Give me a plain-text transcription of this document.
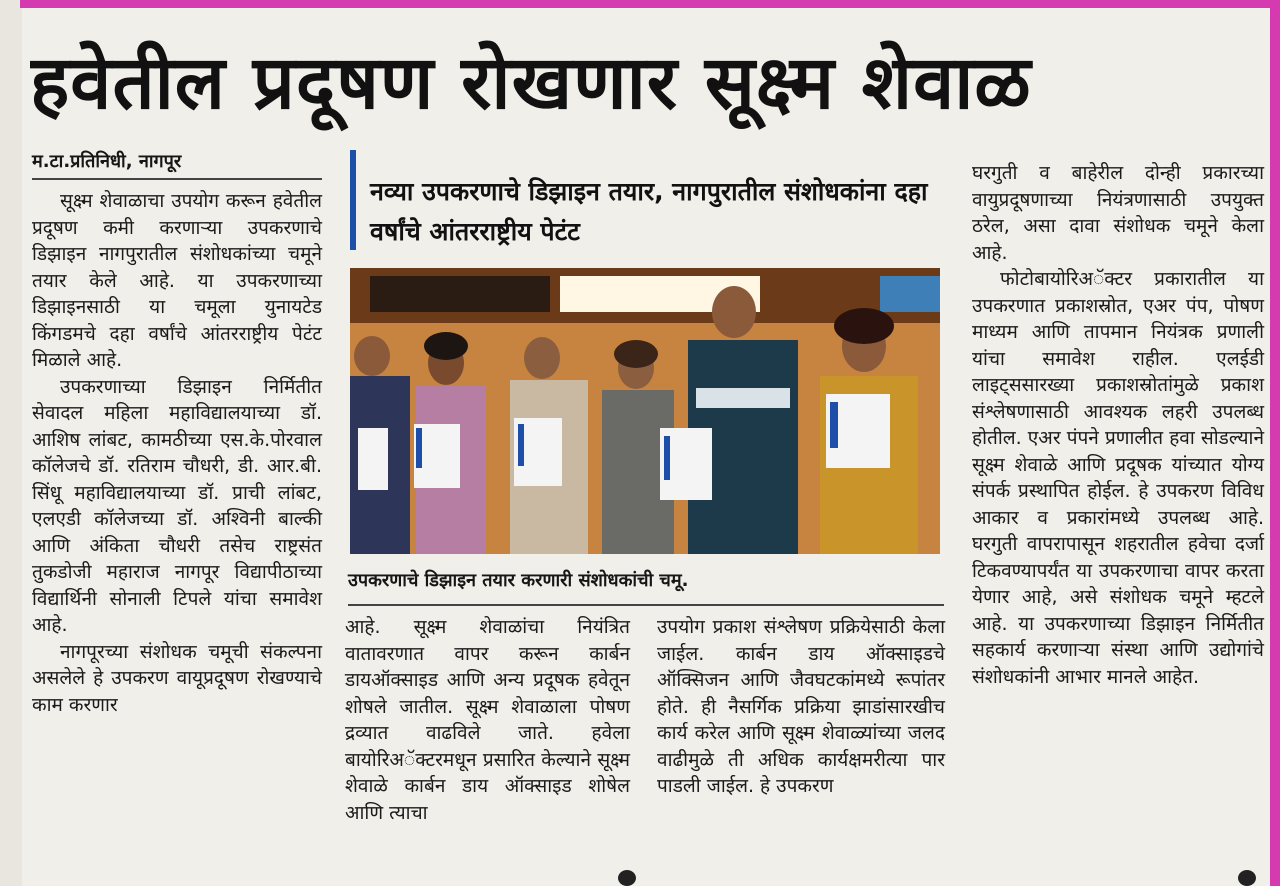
हवेतील प्रदूषण रोखणार सूक्ष्म शेवाळ
म.टा.प्रतिनिधी, नागपूर

सूक्ष्म शेवाळाचा उपयोग करून हवेतील प्रदूषण कमी करणाऱ्या उपकरणाचे डिझाइन नागपुरातील संशोधकांच्या चमूने तयार केले आहे. या उपकरणाच्या डिझाइनसाठी या चमूला युनायटेड किंगडमचे दहा वर्षांचे आंतरराष्ट्रीय पेटंट मिळाले आहे.

उपकरणाच्या डिझाइन निर्मितीत सेवादल महिला महाविद्यालयाच्या डॉ. आशिष लांबट, कामठीच्या एस.के.पोरवाल कॉलेजचे डॉ. रतिराम चौधरी, डी. आर.बी. सिंधू महाविद्यालयाच्या डॉ. प्राची लांबट, एलएडी कॉलेजच्या डॉ. अश्विनी बाल्की आणि अंकिता चौधरी तसेच राष्ट्रसंत तुकडोजी महाराज नागपूर विद्यापीठाच्या विद्यार्थिनी सोनाली टिपले यांचा समावेश आहे.

नागपूरच्या संशोधक चमूची संकल्पना असलेले हे उपकरण वायूप्रदूषण रोखण्याचे काम करणार

नव्या उपकरणाचे डिझाइन तयार, नागपुरातील संशोधकांना दहा वर्षांचे आंतरराष्ट्रीय पेटंट
उपकरणाचे डिझाइन तयार करणारी संशोधकांची चमू.

आहे. सूक्ष्म शेवाळांचा नियंत्रित वातावरणात वापर करून कार्बन डायऑक्साइड आणि अन्य प्रदूषक हवेतून शोषले जातील. सूक्ष्म शेवाळाला पोषण द्रव्यात वाढविले जाते. हवेला बायोरिअॅक्टरमधून प्रसारित केल्याने सूक्ष्म शेवाळे कार्बन डाय ऑक्साइड शोषेल आणि त्याचा

उपयोग प्रकाश संश्लेषण प्रक्रियेसाठी केला जाईल. कार्बन डाय ऑक्साइडचे ऑक्सिजन आणि जैवघटकांमध्ये रूपांतर होते. ही नैसर्गिक प्रक्रिया झाडांसारखीच कार्य करेल आणि सूक्ष्म शेवाळ्यांच्या जलद वाढीमुळे ती अधिक कार्यक्षमरीत्या पार पाडली जाईल. हे उपकरण

घरगुती व बाहेरील दोन्ही प्रकारच्या वायुप्रदूषणाच्या नियंत्रणासाठी उपयुक्त ठरेल, असा दावा संशोधक चमूने केला आहे.

फोटोबायोरिअॅक्टर प्रकारातील या उपकरणात प्रकाशस्रोत, एअर पंप, पोषण माध्यम आणि तापमान नियंत्रक प्रणाली यांचा समावेश राहील. एलईडी लाइट्ससारख्या प्रकाशस्रोतांमुळे प्रकाश संश्लेषणासाठी आवश्यक लहरी उपलब्ध होतील. एअर पंपने प्रणालीत हवा सोडल्याने सूक्ष्म शेवाळे आणि प्रदूषक यांच्यात योग्य संपर्क प्रस्थापित होईल. हे उपकरण विविध आकार व प्रकारांमध्ये उपलब्ध आहे. घरगुती वापरापासून शहरातील हवेचा दर्जा टिकवण्यापर्यंत या उपकरणाचा वापर करता येणार आहे, असे संशोधक चमूने म्हटले आहे. या उपकरणाच्या डिझाइन निर्मितीत सहकार्य करणाऱ्या संस्था आणि उद्योगांचे संशोधकांनी आभार मानले आहेत.
